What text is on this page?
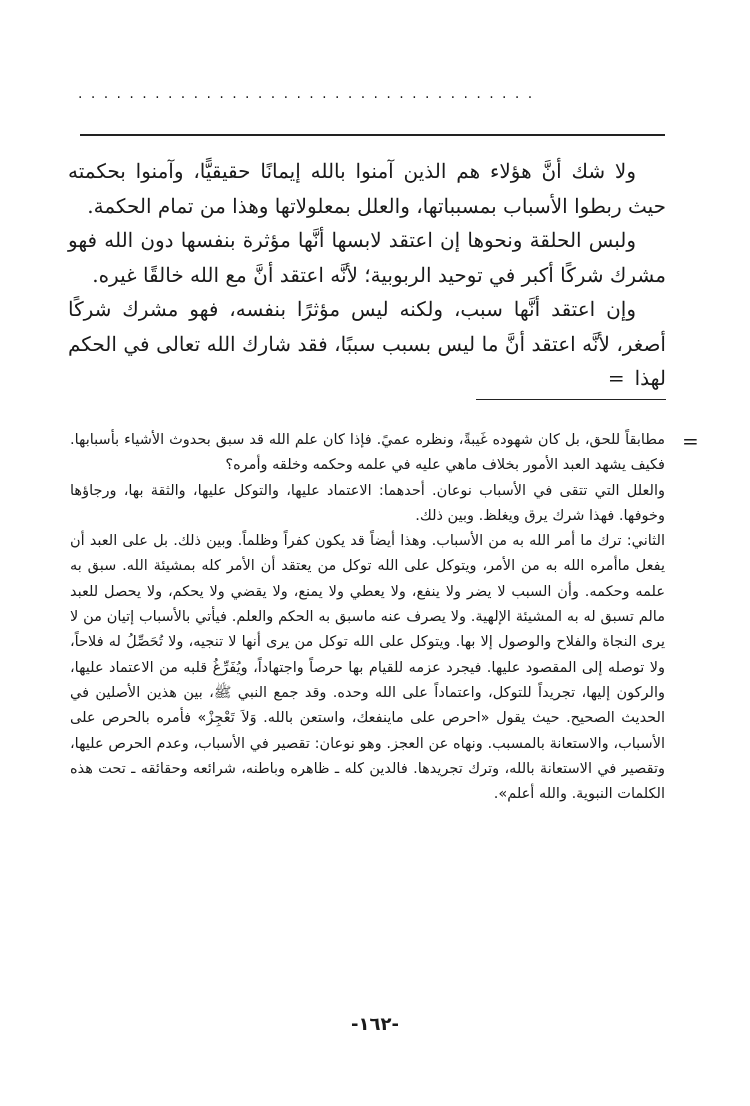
....................................

ولا شك أنَّ هؤلاء هم الذين آمنوا بالله إيمانًا حقيقيًّا، وآمنوا بحكمته حيث ربطوا الأسباب بمسبباتها، والعلل بمعلولاتها وهذا من تمام الحكمة.

ولبس الحلقة ونحوها إن اعتقد لابسها أنَّها مؤثرة بنفسها دون الله فهو مشرك شركًا أكبر في توحيد الربوبية؛ لأنَّه اعتقد أنَّ مع الله خالقًا غيره.

وإن اعتقد أنَّها سبب، ولكنه ليس مؤثرًا بنفسه، فهو مشرك شركًا أصغر، لأنَّه اعتقد أنَّ ما ليس بسبب سببًا، فقد شارك الله تعالى في الحكم لهذا=

=

مطابقاً للحق، بل كان شهوده غَيبةً، ونظره عميً. فإذا كان علم الله قد سبق بحدوث الأشياء بأسبابها. فكيف يشهد العبد الأمور بخلاف ماهي عليه في علمه وحكمه وخلقه وأمره؟

والعلل التي تتقى في الأسباب نوعان. أحدهما: الاعتماد عليها، والتوكل عليها، والثقة بها، ورجاؤها وخوفها. فهذا شرك يرق ويغلظ. وبين ذلك.

الثاني: ترك ما أمر الله به من الأسباب. وهذا أيضاً قد يكون كفراً وظلماً. وبين ذلك. بل على العبد أن يفعل ماأمره الله به من الأمر، ويتوكل على الله توكل من يعتقد أن الأمر كله بمشيئة الله. سبق به علمه وحكمه. وأن السبب لا يضر ولا ينفع، ولا يعطي ولا يمنع، ولا يقضي ولا يحكم، ولا يحصل للعبد مالم تسبق له به المشيئة الإلهية. ولا يصرف عنه ماسبق به الحكم والعلم. فيأتي بالأسباب إتيان من لا يرى النجاة والفلاح والوصول إلا بها. ويتوكل على الله توكل من يرى أنها لا تنجيه، ولا تُحَصِّلُ له فلاحاً، ولا توصله إلى المقصود عليها. فيجرد عزمه للقيام بها حرصاً واجتهاداً، ويُفَرِّغُ قلبه من الاعتماد عليها، والركون إليها، تجريداً للتوكل، واعتماداً على الله وحده. وقد جمع النبي ﷺ، بين هذين الأصلين في الحديث الصحيح. حيث يقول «احرص على ماينفعك، واستعن بالله. وَلاَ تَعْجِزْ» فأمره بالحرص على الأسباب، والاستعانة بالمسبب. ونهاه عن العجز. وهو نوعان: تقصير في الأسباب، وعدم الحرص عليها، وتقصير في الاستعانة بالله، وترك تجريدها. فالدين كله ـ ظاهره وباطنه، شرائعه وحقائقه ـ تحت هذه الكلمات النبوية. والله أعلم».

-١٦٢-
